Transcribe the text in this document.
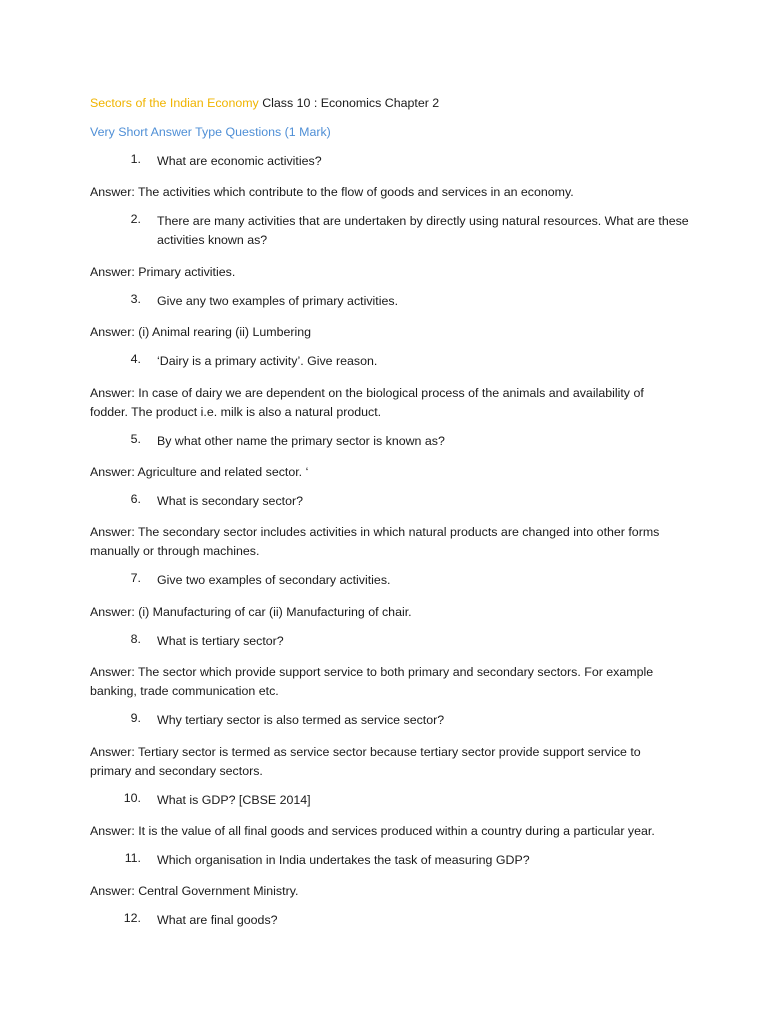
Sectors of the Indian Economy Class 10 : Economics Chapter 2

Very Short Answer Type Questions (1 Mark)

1.	What are economic activities?

Answer: The activities which contribute to the flow of goods and services in an economy.

2.	There are many activities that are undertaken by directly using natural resources. What are these activities known as?

Answer: Primary activities.

3.	Give any two examples of primary activities.

Answer: (i) Animal rearing (ii) Lumbering

4.	‘Dairy is a primary activity’. Give reason.

Answer: In case of dairy we are dependent on the biological process of the animals and availability of fodder. The product i.e. milk is also a natural product.

5.	By what other name the primary sector is known as?

Answer: Agriculture and related sector. ‘

6.	What is secondary sector?

Answer: The secondary sector includes activities in which natural products are changed into other forms manually or through machines.

7.	Give two examples of secondary activities.

Answer: (i) Manufacturing of car (ii) Manufacturing of chair.

8.	What is tertiary sector?

Answer: The sector which provide support service to both primary and secondary sectors. For example banking, trade communication etc.

9.	Why tertiary sector is also termed as service sector?

Answer: Tertiary sector is termed as service sector because tertiary sector provide support service to primary and secondary sectors.

10.	What is GDP? [CBSE 2014]

Answer: It is the value of all final goods and services produced within a country during a particular year.

11.	Which organisation in India undertakes the task of measuring GDP?

Answer: Central Government Ministry.

12.	What are final goods?
